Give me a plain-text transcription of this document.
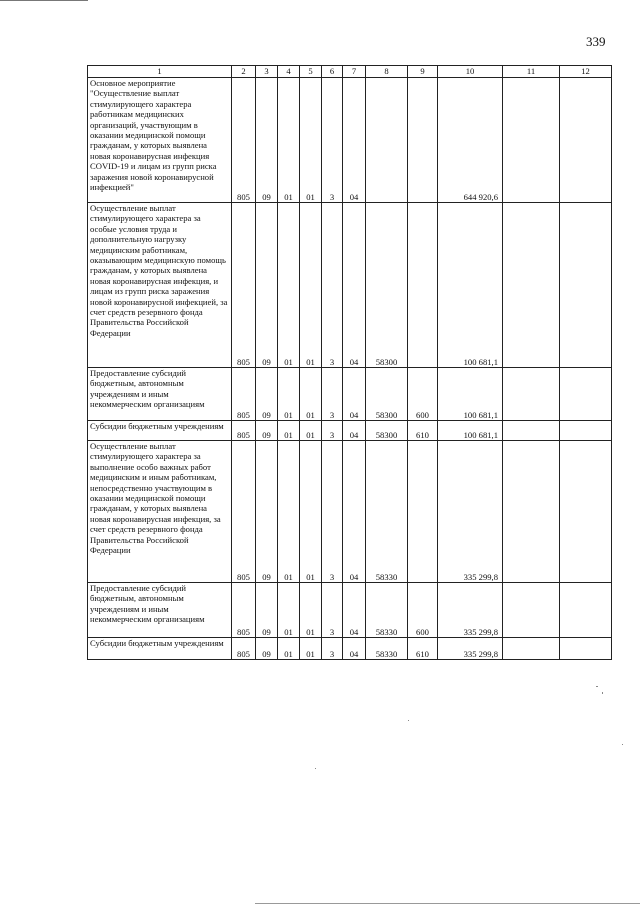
339
1	2	3	4	5	6	7	8	9	10	11	12
Основное мероприятие "Осуществление выплат стимулирующего характера работникам медицинских организаций, участвующим в оказании медицинской помощи гражданам, у которых выявлена новая коронавирусная инфекция COVID-19 и лицам из групп риска заражения новой коронавирусной инфекцией"	805	09	01	01	3	04			644 920,6		
Осуществление выплат стимулирующего характера за особые условия труда и дополнительную нагрузку медицинским работникам, оказывающим медицинскую помощь гражданам, у которых выявлена новая коронавирусная инфекция, и лицам из групп риска заражения новой коронавирусной инфекцией, за счет средств резервного фонда Правительства Российской Федерации	805	09	01	01	3	04	58300		100 681,1		
Предоставление субсидий бюджетным, автономным учреждениям и иным некоммерческим организациям	805	09	01	01	3	04	58300	600	100 681,1		
Субсидии бюджетным учреждениям	805	09	01	01	3	04	58300	610	100 681,1		
Осуществление выплат стимулирующего характера за выполнение особо важных работ медицинским и иным работникам, непосредственно участвующим в оказании медицинской помощи гражданам, у которых выявлена новая коронавирусная инфекция, за счет средств резервного фонда Правительства Российской Федерации	805	09	01	01	3	04	58330		335 299,8		
Предоставление субсидий бюджетным, автономным учреждениям и иным некоммерческим организациям	805	09	01	01	3	04	58330	600	335 299,8		
Субсидии бюджетным учреждениям	805	09	01	01	3	04	58330	610	335 299,8		
